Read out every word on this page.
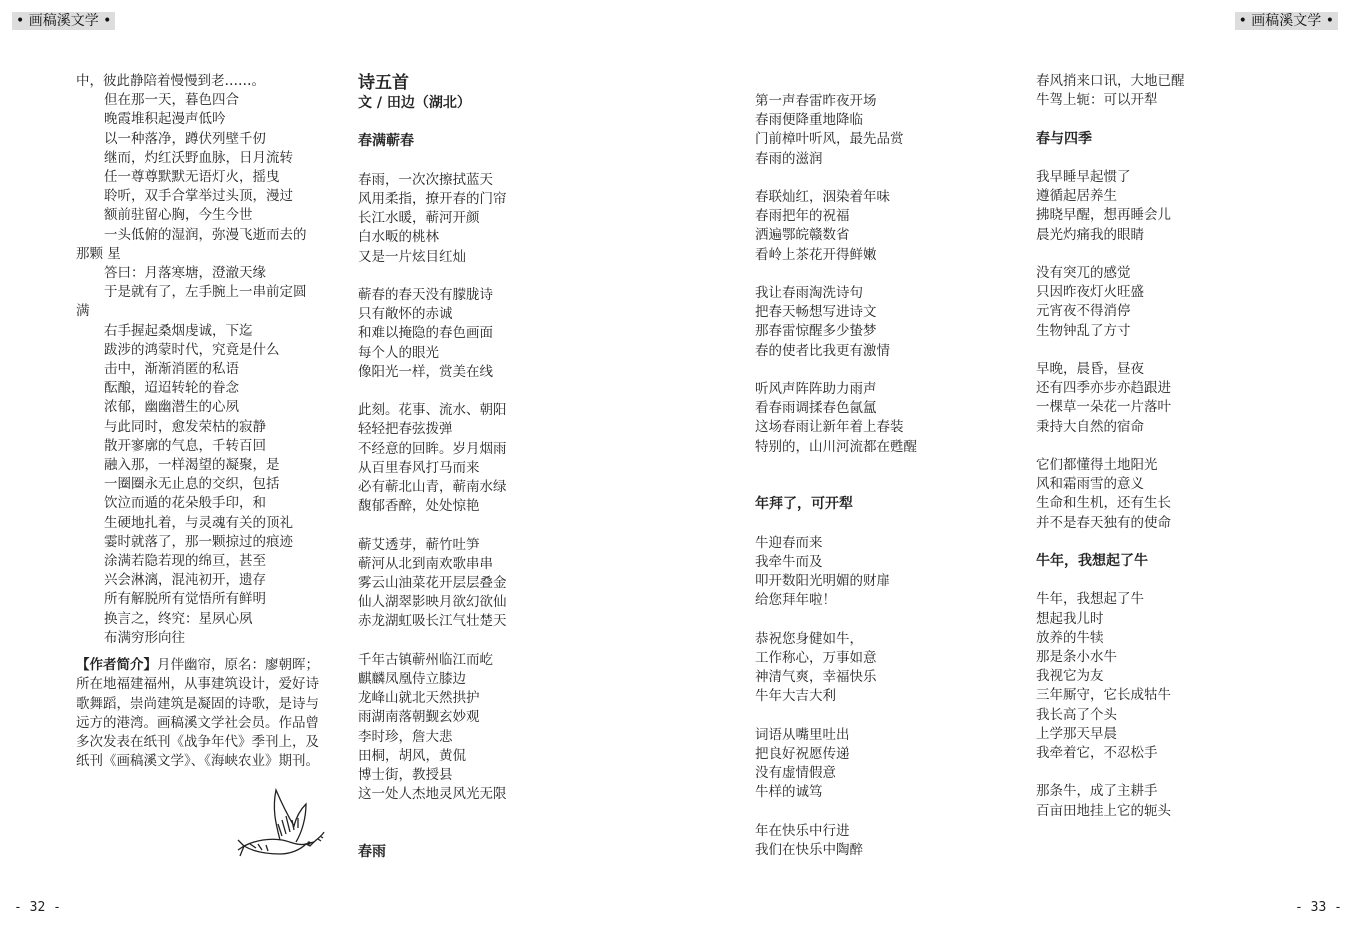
• 画稿溪文学 •	• 画稿溪文学 •
中，彼此静陪着慢慢到老……。
但在那一天，暮色四合
晚霞堆积起漫声低吟
以一种落净，蹲伏列壁千仞
继而，灼红沃野血脉，日月流转
任一尊尊默默无语灯火，摇曳
聆听，双手合掌举过头顶，漫过
额前驻留心胸，今生今世
一头低俯的湿润，弥漫飞逝而去的
那颗 星
答曰：月落寒塘，澄澈天缘
于是就有了，左手腕上一串前定圆
满
右手握起桑烟虔诚，下迄
跋涉的鸿蒙时代，究竟是什么
击中，渐渐消匿的私语
酝酿，迢迢转轮的眷念
浓郁，幽幽潜生的心夙
与此同时，愈发荣枯的寂静
散开寥廓的气息，千转百回
融入那，一样渴望的凝聚，是
一圈圈永无止息的交织，包括
饮泣而遁的花朵般手印，和
生硬地扎着，与灵魂有关的顶礼
霎时就落了，那一颗掠过的痕迹
涂满若隐若现的绵亘，甚至
兴会淋漓，混沌初开，遗存
所有解脱所有觉悟所有鲜明
换言之，终究：星夙心夙
布满穷形向往
【作者简介】月伴幽帘，原名：廖朝晖；所在地福建福州，从事建筑设计，爱好诗歌舞蹈，崇尚建筑是凝固的诗歌，是诗与远方的港湾。画稿溪文学社会员。作品曾多次发表在纸刊《战争年代》季刊上，及纸刊《画稿溪文学》、《海峡农业》期刊。
诗五首
文 / 田边（湖北）
春满蕲春
春雨，一次次擦拭蓝天
风用柔指，撩开春的门帘
长江水暖，蕲河开颜
白水畈的桃林
又是一片炫目红灿
蕲春的春天没有朦胧诗
只有敞怀的赤诚
和难以掩隐的春色画面
每个人的眼光
像阳光一样，赏美在线
此刻。花事、流水、朝阳
轻轻把春弦拨弹
不经意的回眸。岁月烟雨
从百里春风打马而来
必有蕲北山青，蕲南水绿
馥郁香醉，处处惊艳
蕲艾透芽，蕲竹吐笋
蕲河从北到南欢歌串串
雾云山油菜花开层层叠金
仙人湖翠影映月欲幻欲仙
赤龙湖虹吸长江气壮楚天
千年古镇蕲州临江而屹
麒麟凤凰侍立膝边
龙峰山就北天然拱护
雨湖南落朝觐玄妙观
李时珍，詹大悲
田桐，胡风，黄侃
博士街，教授县
这一处人杰地灵风光无限
春雨
第一声春雷昨夜开场
春雨便降重地降临
门前樟叶听风，最先品赏
春雨的滋润
春联灿红，洇染着年味
春雨把年的祝福
洒遍鄂皖赣数省
看岭上茶花开得鲜嫩
我让春雨淘洗诗句
把春天畅想写进诗文
那春雷惊醒多少蛰梦
春的使者比我更有激情
听风声阵阵助力雨声
看春雨调揉春色氤氲
这场春雨让新年着上春装
特别的，山川河流都在甦醒
年拜了，可开犁
牛迎春而来
我牵牛而及
叩开数阳光明媚的财扉
给您拜年啦！
恭祝您身健如牛，
工作称心，万事如意
神清气爽，幸福快乐
牛年大吉大利
词语从嘴里吐出
把良好祝愿传递
没有虚情假意
牛样的诚笃
年在快乐中行进
我们在快乐中陶醉
春风捎来口讯，大地已醒
牛驾上轭：可以开犁
春与四季
我早睡早起惯了
遵循起居养生
拂晓早醒，想再睡会儿
晨光灼痛我的眼睛
没有突兀的感觉
只因昨夜灯火旺盛
元宵夜不得消停
生物钟乱了方寸
早晚，晨昏，昼夜
还有四季亦步亦趋跟进
一棵草一朵花一片落叶
秉持大自然的宿命
它们都懂得土地阳光
风和霜雨雪的意义
生命和生机，还有生长
并不是春天独有的使命
牛年，我想起了牛
牛年，我想起了牛
想起我儿时
放养的牛犊
那是条小水牛
我视它为友
三年厮守，它长成牯牛
我长高了个头
上学那天早晨
我牵着它，不忍松手
那条牛，成了主耕手
百亩田地挂上它的轭头
- 32 -	- 33 -
